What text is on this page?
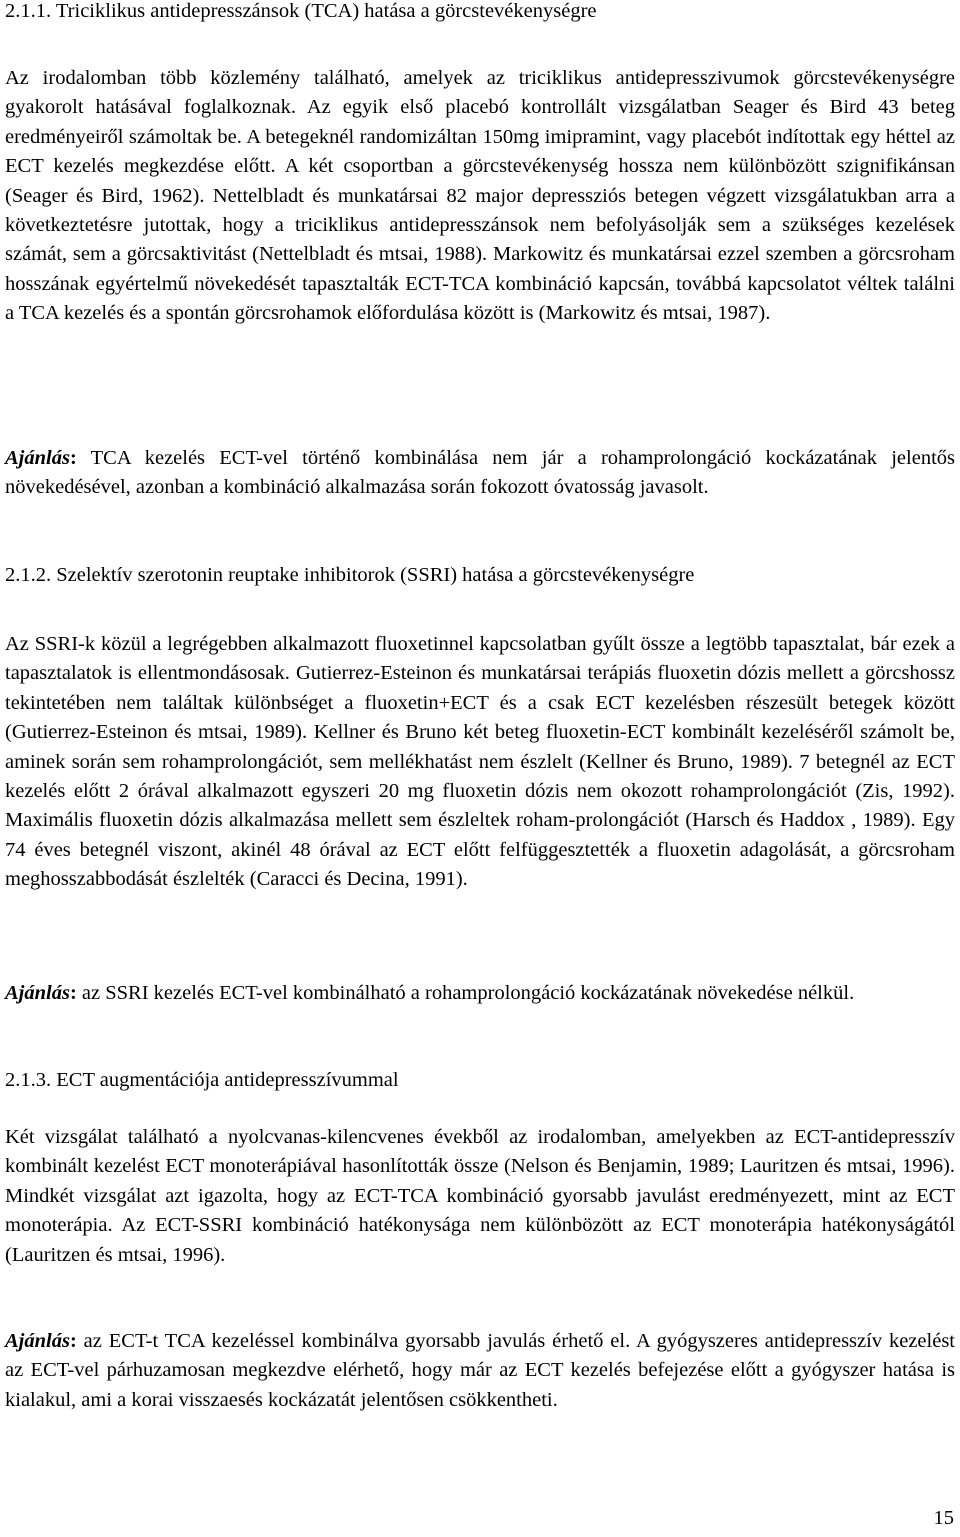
2.1.1. Triciklikus antidepresszánsok (TCA) hatása a görcstevékenységre

Az irodalomban több közlemény található, amelyek az triciklikus antidepresszivumok görcstevékenységre gyakorolt hatásával foglalkoznak. Az egyik első placebó kontrollált vizsgálatban Seager és Bird 43 beteg eredményeiről számoltak be. A betegeknél randomizáltan 150mg imipramint, vagy placebót indítottak egy héttel az ECT kezelés megkezdése előtt. A két csoportban a görcstevékenység hossza nem különbözött szignifikánsan (Seager és Bird, 1962). Nettelbladt és munkatársai 82 major depressziós betegen végzett vizsgálatukban arra a következtetésre jutottak, hogy a triciklikus antidepresszánsok nem befolyásolják sem a szükséges kezelések számát, sem a görcsaktivitást (Nettelbladt és mtsai, 1988). Markowitz és munkatársai ezzel szemben a görcsroham hosszának egyértelmű növekedését tapasztalták ECT-TCA kombináció kapcsán, továbbá kapcsolatot véltek találni a TCA kezelés és a spontán görcsrohamok előfordulása között is (Markowitz és mtsai, 1987).

Ajánlás: TCA kezelés ECT-vel történő kombinálása nem jár a rohamprolongáció kockázatának jelentős növekedésével, azonban a kombináció alkalmazása során fokozott óvatosság javasolt.

2.1.2. Szelektív szerotonin reuptake inhibitorok (SSRI) hatása a görcstevékenységre

Az SSRI-k közül a legrégebben alkalmazott fluoxetinnel kapcsolatban gyűlt össze a legtöbb tapasztalat, bár ezek a tapasztalatok is ellentmondásosak. Gutierrez-Esteinon és munkatársai terápiás fluoxetin dózis mellett a görcshossz tekintetében nem találtak különbséget a fluoxetin+ECT és a csak ECT kezelésben részesült betegek között (Gutierrez-Esteinon és mtsai, 1989). Kellner és Bruno két beteg fluoxetin-ECT kombinált kezeléséről számolt be, aminek során sem rohamprolongációt, sem mellékhatást nem észlelt (Kellner és Bruno, 1989). 7 betegnél az ECT kezelés előtt 2 órával alkalmazott egyszeri 20 mg fluoxetin dózis nem okozott rohamprolongációt (Zis, 1992). Maximális fluoxetin dózis alkalmazása mellett sem észleltek roham-prolongációt (Harsch és Haddox , 1989). Egy 74 éves betegnél viszont, akinél 48 órával az ECT előtt felfüggesztették a fluoxetin adagolását, a görcsroham meghosszabbodását észlelték (Caracci és Decina, 1991).

Ajánlás: az SSRI kezelés ECT-vel kombinálható a rohamprolongáció kockázatának növekedése nélkül.

2.1.3. ECT augmentációja antidepresszívummal

Két vizsgálat található a nyolcvanas-kilencvenes évekből az irodalomban, amelyekben az ECT-antidepresszív kombinált kezelést ECT monoterápiával hasonlították össze (Nelson és Benjamin, 1989; Lauritzen és mtsai, 1996). Mindkét vizsgálat azt igazolta, hogy az ECT-TCA kombináció gyorsabb javulást eredményezett, mint az ECT monoterápia. Az ECT-SSRI kombináció hatékonysága nem különbözött az ECT monoterápia hatékonyságától (Lauritzen és mtsai, 1996).

Ajánlás: az ECT-t TCA kezeléssel kombinálva gyorsabb javulás érhető el. A gyógyszeres antidepresszív kezelést az ECT-vel párhuzamosan megkezdve elérhető, hogy már az ECT kezelés befejezése előtt a gyógyszer hatása is kialakul, ami a korai visszaesés kockázatát jelentősen csökkentheti.

15
